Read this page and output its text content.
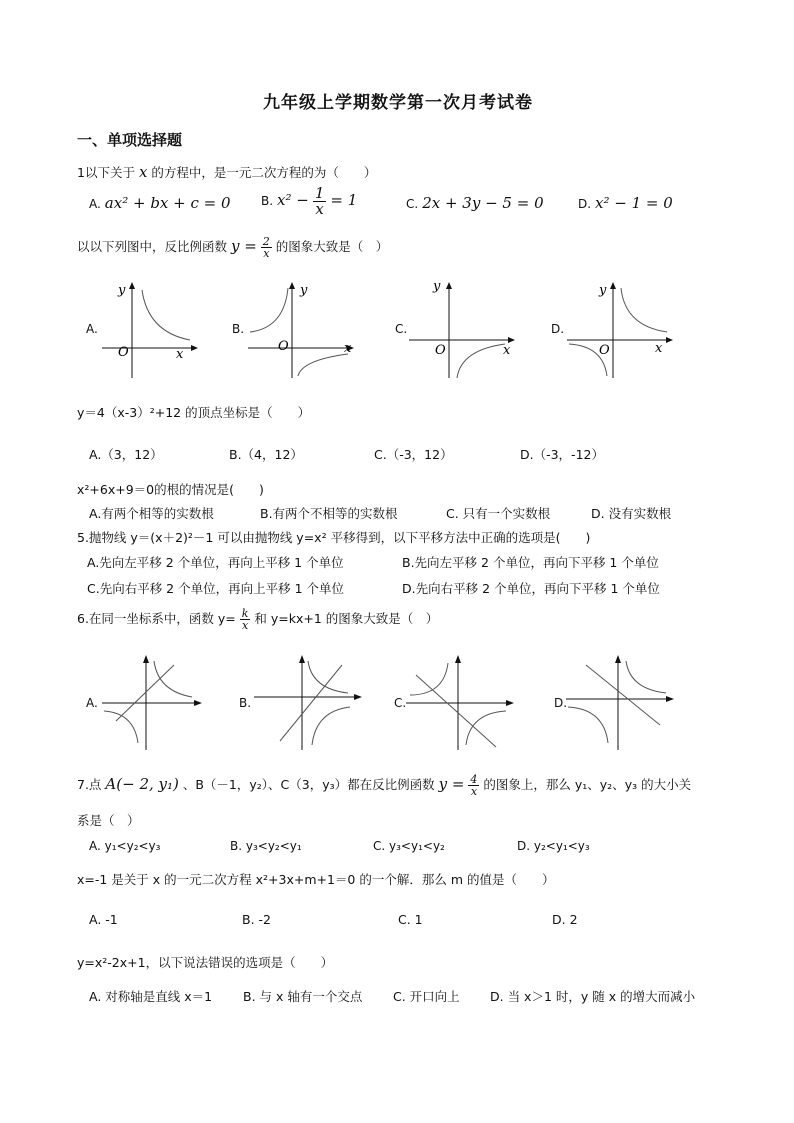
九年级上学期数学第一次月考试卷
一、单项选择题
1以下关于 x 的方程中，是一元二次方程的为（　　）
A. ax² + bx + c = 0	B. $x^2 - \frac{1}{x} = 1$	C. 2x + 3y − 5 = 0	D. x² − 1 = 0
以以下列图中，反比例函数 $y = \frac{2}{x}$ 的图象大致是（　）
A.
y
O	x
B.
y
O	x
C.
y
O	x
D.
y
O	x
y＝4（x-3）²+12 的顶点坐标是（　　）
A.（3，12）	B.（4，12）	C.（-3，12）	D.（-3，-12）
x²+6x+9＝0的根的情况是(　　)
A.有两个相等的实数根	B.有两个不相等的实数根	C. 只有一个实数根	D. 没有实数根
5.抛物线 y＝(x＋2)²－1 可以由抛物线 y=x² 平移得到，以下平移方法中正确的选项是(　　)
A.先向左平移 2 个单位，再向上平移 1 个单位	B.先向左平移 2 个单位，再向下平移 1 个单位
C.先向右平移 2 个单位，再向上平移 1 个单位	D.先向右平移 2 个单位，再向下平移 1 个单位
6.在同一坐标系中，函数 $y= \frac{k}{x}$ 和 y=kx+1 的图象大致是（　）
A.	B.	C.	D.
7.点 A(− 2, y₁) 、B（－1，y₂）、C（3，y₃）都在反比例函数 $y = \frac{4}{x}$ 的图象上，那么 y₁、y₂、y₃ 的大小关
系是（　）
A. y₁<y₂<y₃	B. y₃<y₂<y₁	C. y₃<y₁<y₂	D. y₂<y₁<y₃
x=-1 是关于 x 的一元二次方程 x²+3x+m+1＝0 的一个解．那么 m 的值是（　　）
A. -1	B. -2	C. 1	D. 2
y=x²-2x+1，以下说法错误的选项是（　　）
A. 对称轴是直线 x＝1 B. 与 x 轴有一个交点 C. 开口向上 D. 当 x＞1 时，y 随 x 的增大而减小
